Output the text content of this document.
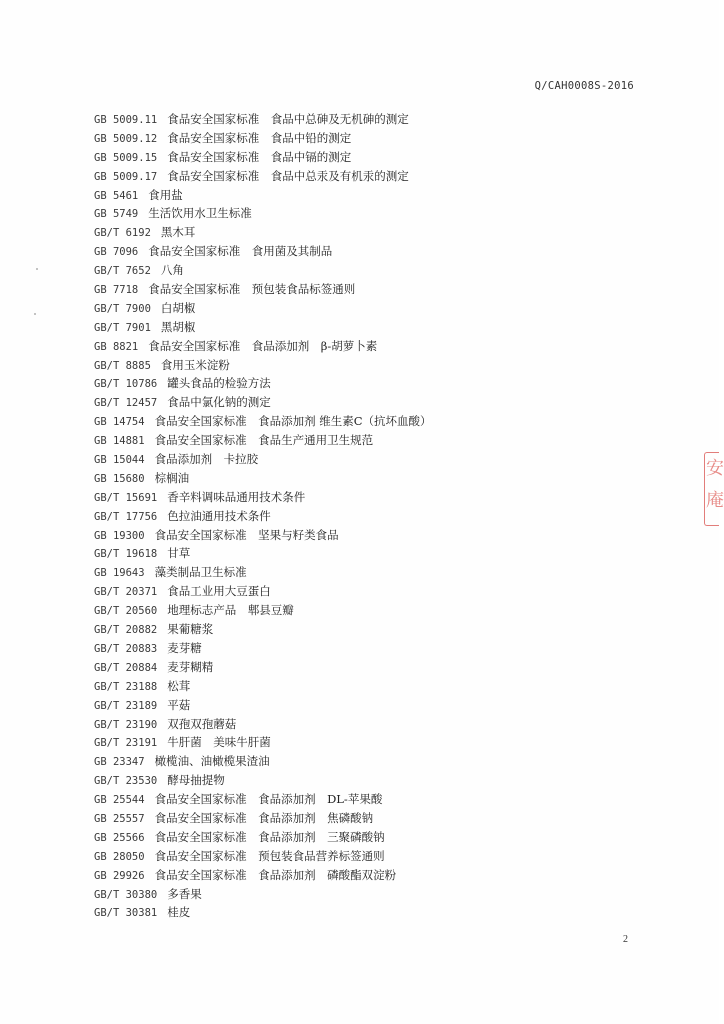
Q/CAH0008S-2016
GB 5009.11 食品安全国家标准　食品中总砷及无机砷的测定
GB 5009.12 食品安全国家标准　食品中铅的测定
GB 5009.15 食品安全国家标准　食品中镉的测定
GB 5009.17 食品安全国家标准　食品中总汞及有机汞的测定
GB 5461 食用盐
GB 5749 生活饮用水卫生标准
GB/T 6192 黑木耳
GB 7096 食品安全国家标准　食用菌及其制品
GB/T 7652 八角
GB 7718 食品安全国家标准　预包装食品标签通则
GB/T 7900 白胡椒
GB/T 7901 黑胡椒
GB 8821 食品安全国家标准　食品添加剂　β-胡萝卜素
GB/T 8885 食用玉米淀粉
GB/T 10786 罐头食品的检验方法
GB/T 12457 食品中氯化钠的测定
GB 14754 食品安全国家标准　食品添加剂 维生素C（抗坏血酸）
GB 14881 食品安全国家标准　食品生产通用卫生规范
GB 15044 食品添加剂　卡拉胶
GB 15680 棕榈油
GB/T 15691 香辛料调味品通用技术条件
GB/T 17756 色拉油通用技术条件
GB 19300 食品安全国家标准　坚果与籽类食品
GB/T 19618 甘草
GB 19643 藻类制品卫生标准
GB/T 20371 食品工业用大豆蛋白
GB/T 20560 地理标志产品　郫县豆瓣
GB/T 20882 果葡糖浆
GB/T 20883 麦芽糖
GB/T 20884 麦芽糊精
GB/T 23188 松茸
GB/T 23189 平菇
GB/T 23190 双孢双孢蘑菇
GB/T 23191 牛肝菌　美味牛肝菌
GB 23347 橄榄油、油橄榄果渣油
GB/T 23530 酵母抽提物
GB 25544 食品安全国家标准　食品添加剂　DL-苹果酸
GB 25557 食品安全国家标准　食品添加剂　焦磷酸钠
GB 25566 食品安全国家标准　食品添加剂　三聚磷酸钠
GB 28050 食品安全国家标准　预包装食品营养标签通则
GB 29926 食品安全国家标准　食品添加剂　磷酸酯双淀粉
GB/T 30380 多香果
GB/T 30381 桂皮
2
安
庵
